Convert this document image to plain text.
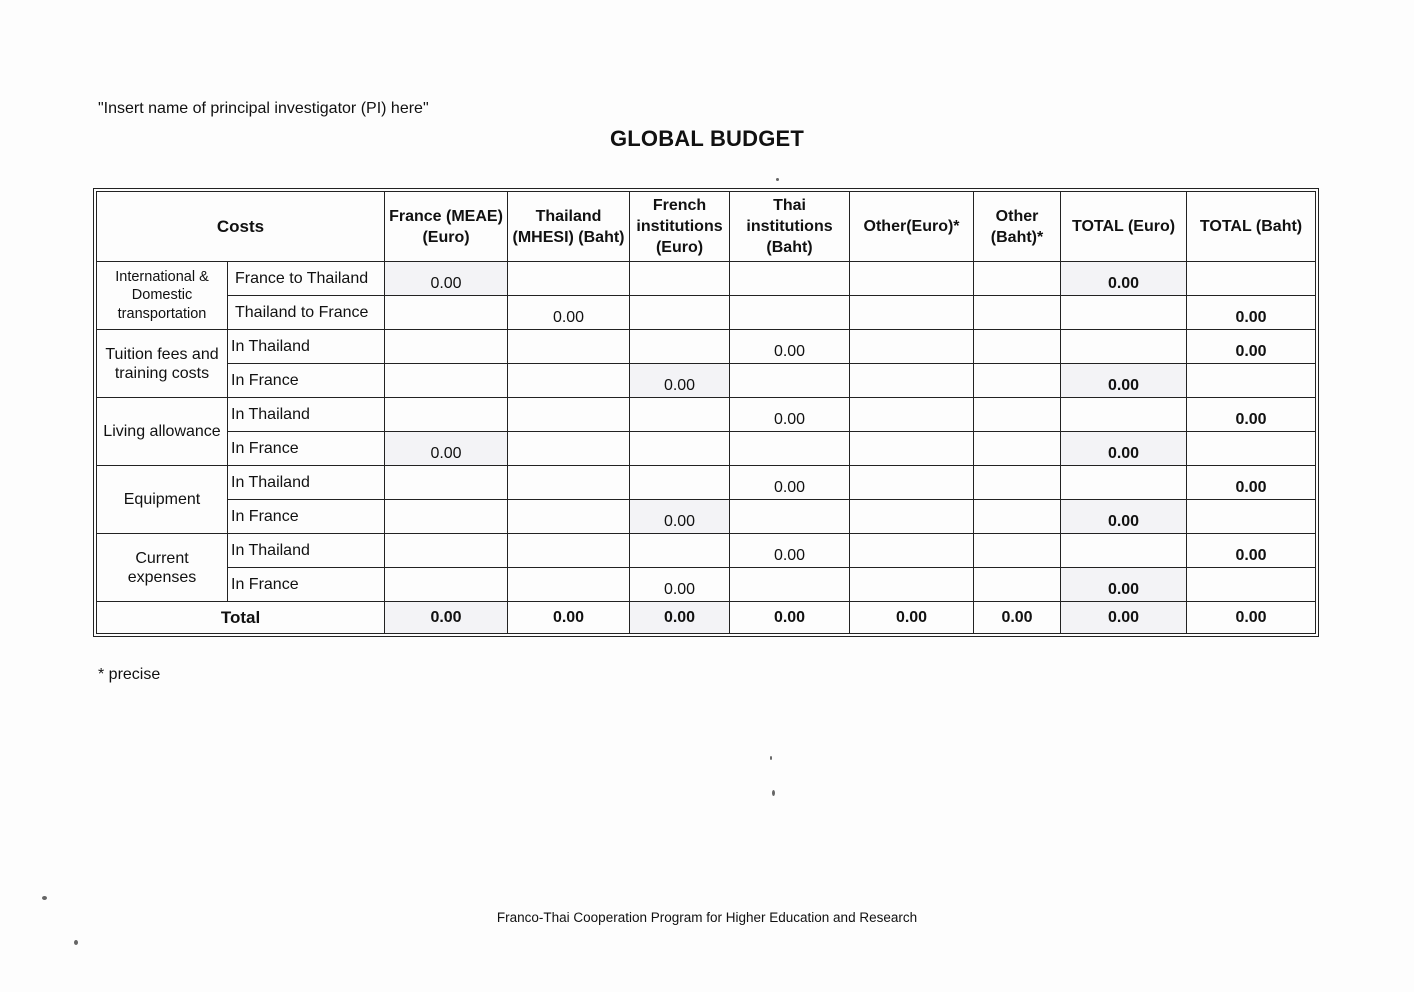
"Insert name of principal investigator (PI) here"
GLOBAL BUDGET
Costs		France (MEAE) (Euro)	Thailand (MHESI) (Baht)	French institutions (Euro)	Thai institutions (Baht)	Other(Euro)*	Other (Baht)*	TOTAL (Euro)	TOTAL (Baht)
International & Domestic transportation	France to Thailand	0.00						0.00	
	Thailand to France		0.00						0.00
Tuition fees and training costs	In Thailand				0.00				0.00
	In France			0.00				0.00	
Living allowance	In Thailand				0.00				0.00
	In France	0.00						0.00	
Equipment	In Thailand				0.00				0.00
	In France			0.00				0.00	
Current expenses	In Thailand				0.00				0.00
	In France			0.00				0.00	
Total		0.00	0.00	0.00	0.00	0.00	0.00	0.00	0.00
* precise
Franco-Thai Cooperation Program for Higher Education and Research
